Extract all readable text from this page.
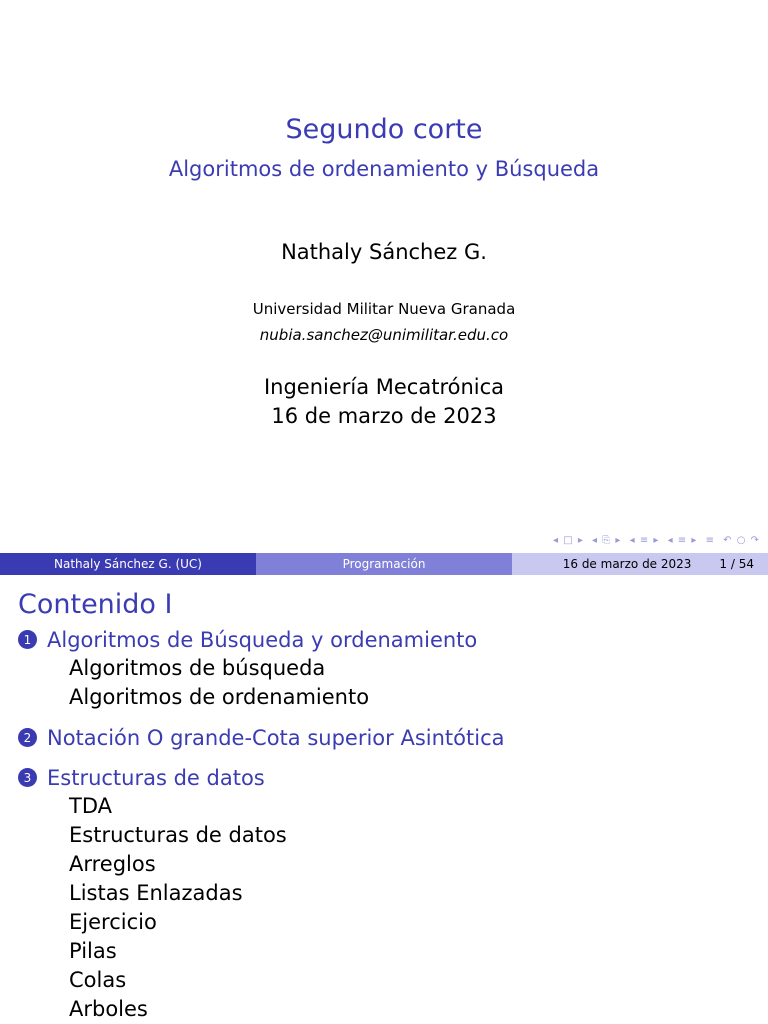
Segundo corte
Algoritmos de ordenamiento y Búsqueda
Nathaly Sánchez G.
Universidad Militar Nueva Granada
nubia.sanchez@unimilitar.edu.co
Ingeniería Mecatrónica
16 de marzo de 2023
◂ □ ▸ ◂ ⎘ ▸ ◂ ≡ ▸ ◂ ≡ ▸ ≡ ↶ ○ ↷
Nathaly Sánchez G. (UC)	Programación	16 de marzo de 2023 1 / 54
Contenido I
1 Algoritmos de Búsqueda y ordenamiento
Algoritmos de búsqueda
Algoritmos de ordenamiento
2 Notación O grande-Cota superior Asintótica
3 Estructuras de datos
TDA
Estructuras de datos
Arreglos
Listas Enlazadas
Ejercicio
Pilas
Colas
Arboles
